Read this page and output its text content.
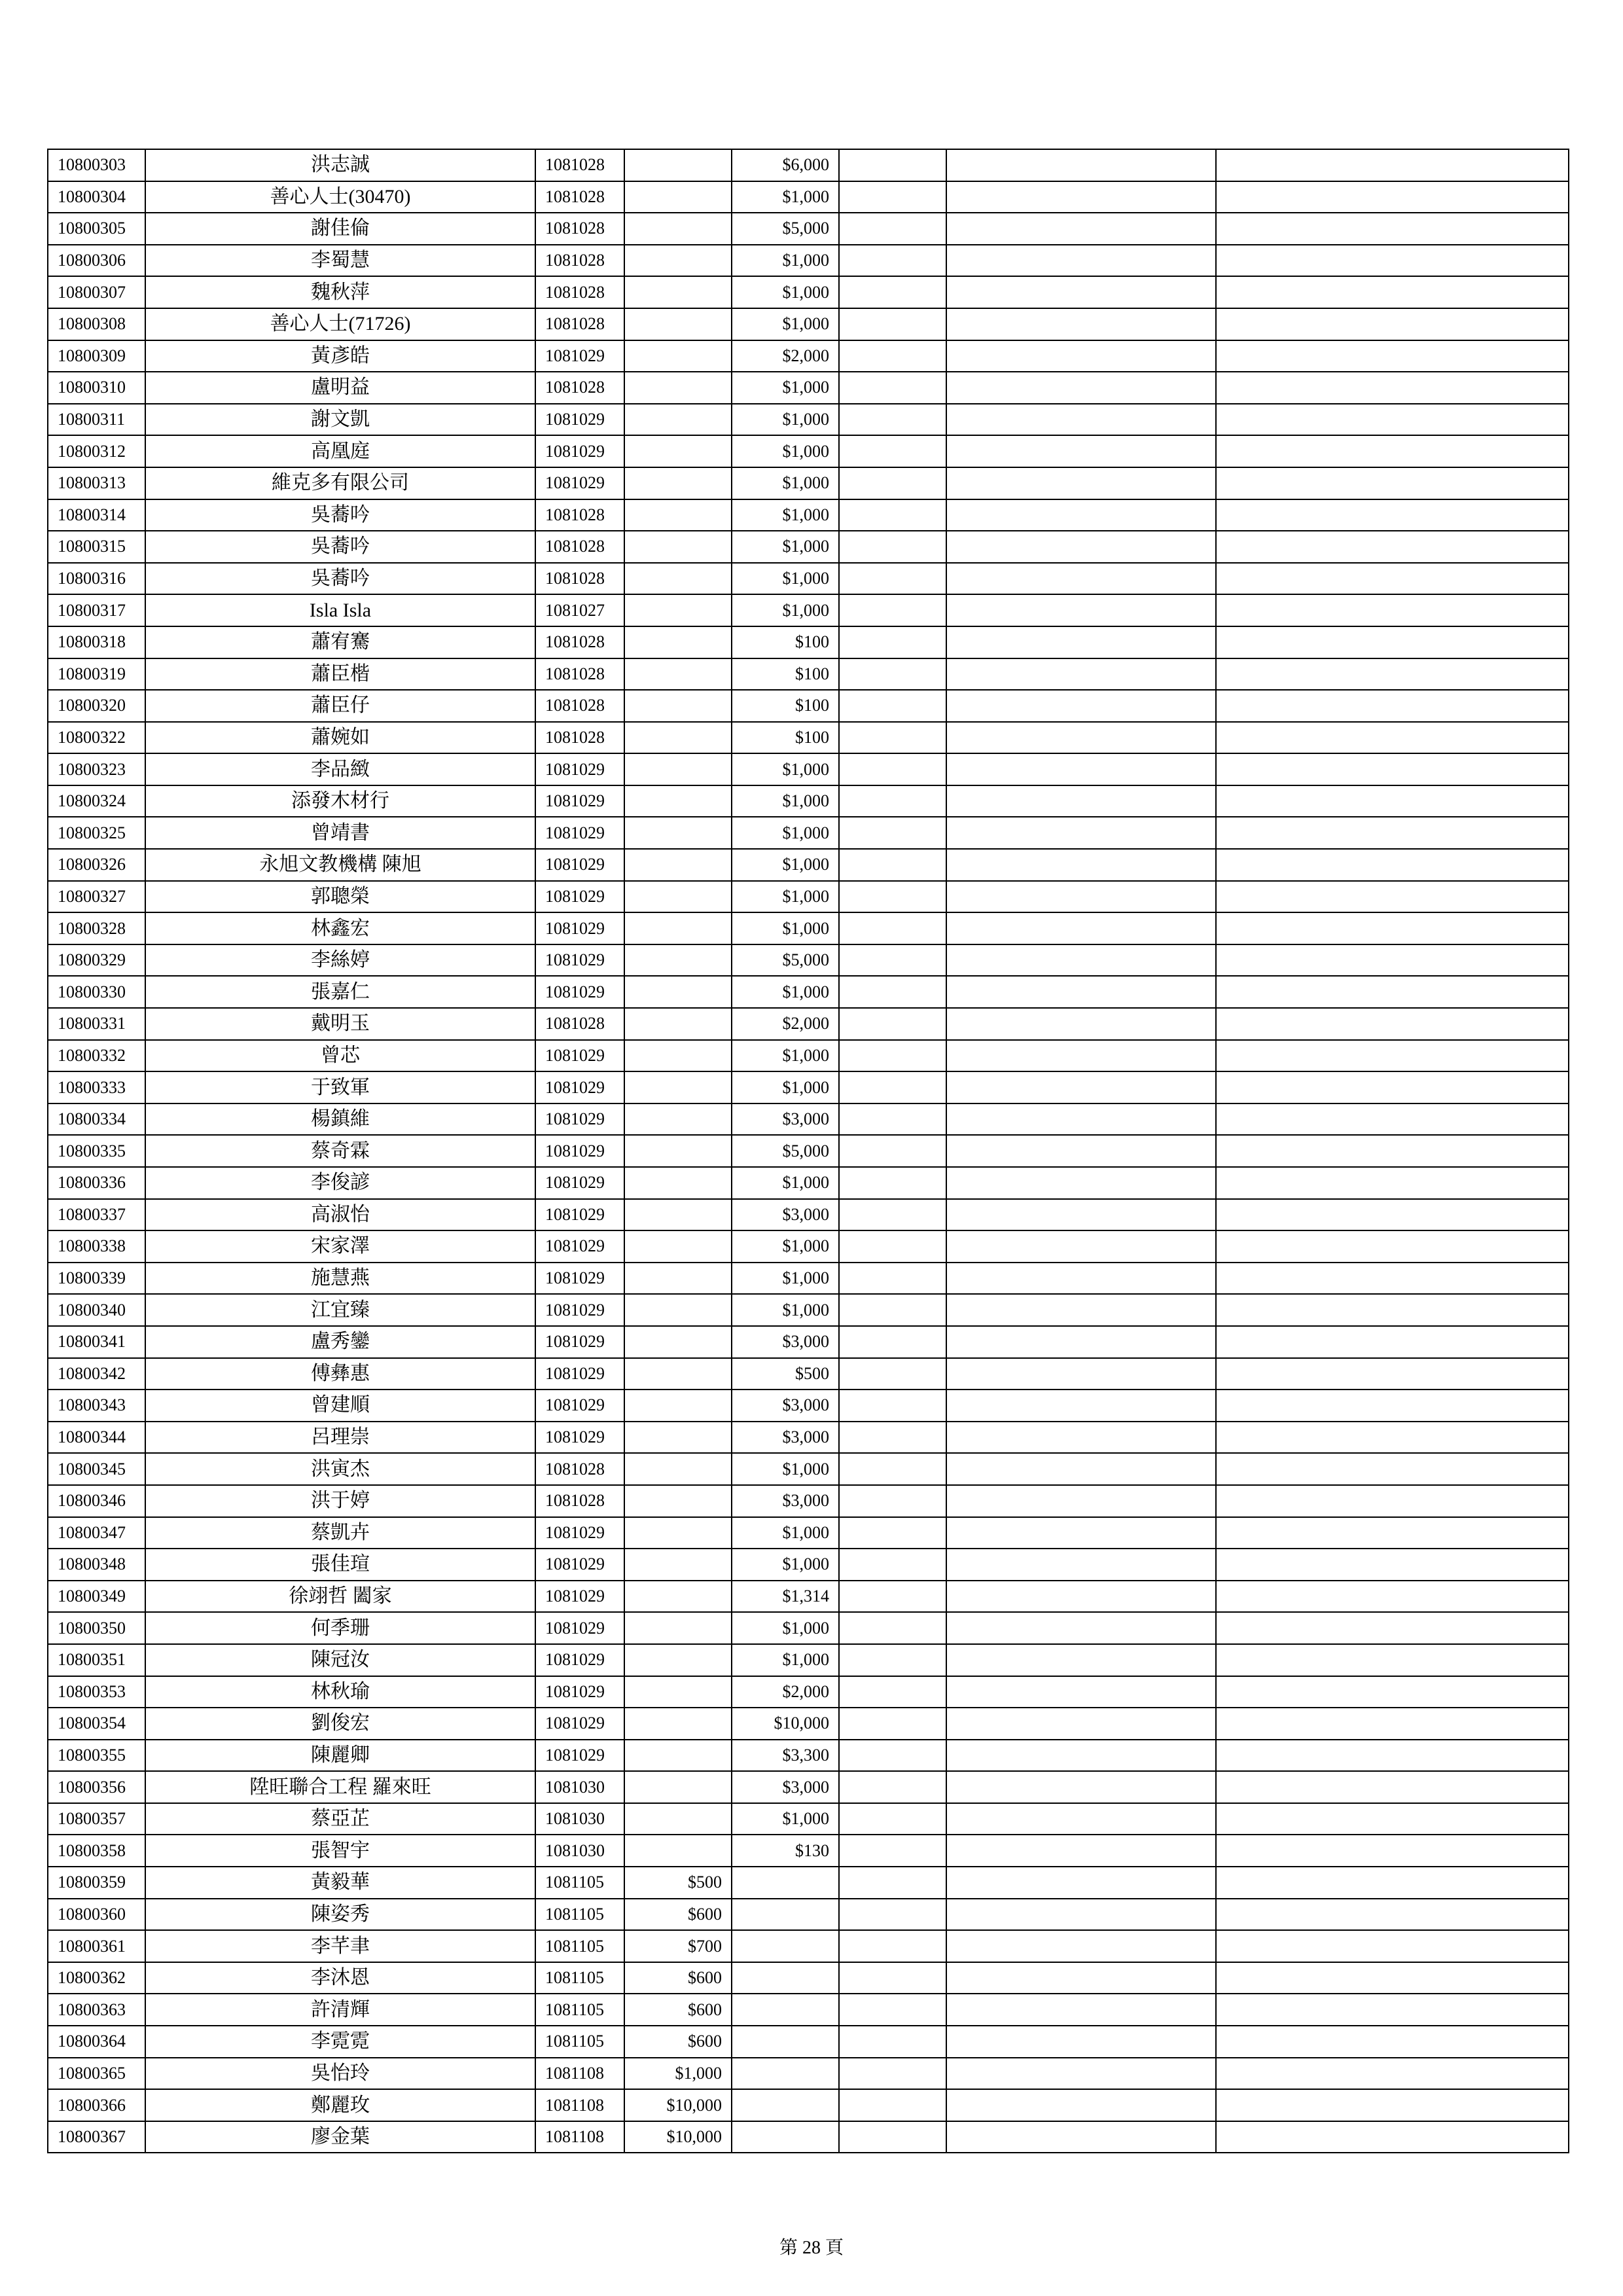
10800303	洪志誠	1081028		$6,000			
10800304	善心人士(30470)	1081028		$1,000			
10800305	謝佳倫	1081028		$5,000			
10800306	李蜀慧	1081028		$1,000			
10800307	魏秋萍	1081028		$1,000			
10800308	善心人士(71726)	1081028		$1,000			
10800309	黃彥皓	1081029		$2,000			
10800310	盧明益	1081028		$1,000			
10800311	謝文凱	1081029		$1,000			
10800312	高凰庭	1081029		$1,000			
10800313	維克多有限公司	1081029		$1,000			
10800314	吳蕎吟	1081028		$1,000			
10800315	吳蕎吟	1081028		$1,000			
10800316	吳蕎吟	1081028		$1,000			
10800317	Isla Isla	1081027		$1,000			
10800318	蕭宥騫	1081028		$100			
10800319	蕭臣楷	1081028		$100			
10800320	蕭臣仔	1081028		$100			
10800322	蕭婉如	1081028		$100			
10800323	李品緻	1081029		$1,000			
10800324	添發木材行	1081029		$1,000			
10800325	曾靖書	1081029		$1,000			
10800326	永旭文教機構 陳旭	1081029		$1,000			
10800327	郭聰榮	1081029		$1,000			
10800328	林鑫宏	1081029		$1,000			
10800329	李絲婷	1081029		$5,000			
10800330	張嘉仁	1081029		$1,000			
10800331	戴明玉	1081028		$2,000			
10800332	曾芯	1081029		$1,000			
10800333	于致軍	1081029		$1,000			
10800334	楊鎮維	1081029		$3,000			
10800335	蔡奇霖	1081029		$5,000			
10800336	李俊諺	1081029		$1,000			
10800337	高淑怡	1081029		$3,000			
10800338	宋家澤	1081029		$1,000			
10800339	施慧燕	1081029		$1,000			
10800340	江宜臻	1081029		$1,000			
10800341	盧秀鑾	1081029		$3,000			
10800342	傅彝惠	1081029		$500			
10800343	曾建順	1081029		$3,000			
10800344	呂理崇	1081029		$3,000			
10800345	洪寅杰	1081028		$1,000			
10800346	洪于婷	1081028		$3,000			
10800347	蔡凱卉	1081029		$1,000			
10800348	張佳瑄	1081029		$1,000			
10800349	徐翊哲 闔家	1081029		$1,314			
10800350	何季珊	1081029		$1,000			
10800351	陳冠汝	1081029		$1,000			
10800353	林秋瑜	1081029		$2,000			
10800354	劉俊宏	1081029		$10,000			
10800355	陳麗卿	1081029		$3,300			
10800356	陞旺聯合工程 羅來旺	1081030		$3,000			
10800357	蔡亞芷	1081030		$1,000			
10800358	張智宇	1081030		$130			
10800359	黃毅華	1081105	$500				
10800360	陳姿秀	1081105	$600				
10800361	李芊聿	1081105	$700				
10800362	李沐恩	1081105	$600				
10800363	許清輝	1081105	$600				
10800364	李霓霓	1081105	$600				
10800365	吳怡玲	1081108	$1,000				
10800366	鄭麗玫	1081108	$10,000				
10800367	廖金葉	1081108	$10,000				
第 28 頁
